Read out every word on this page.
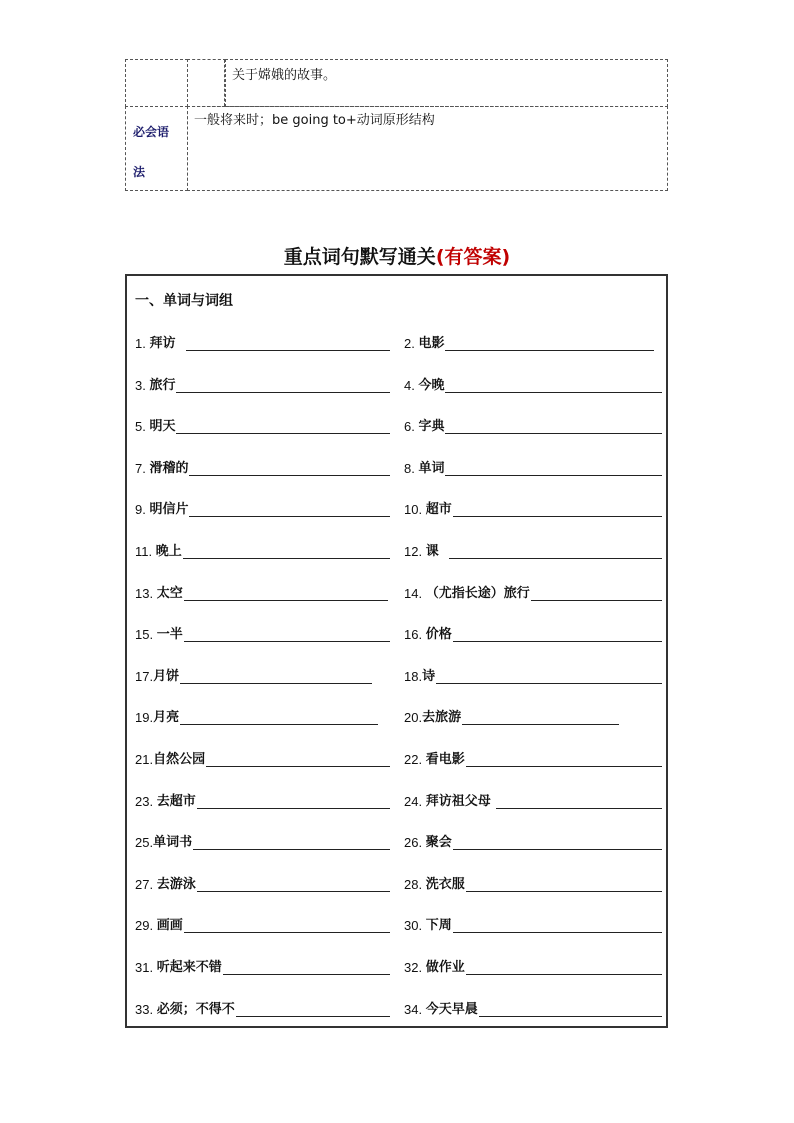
关于嫦娥的故事。
必会语
法
一般将来时；be going to+动词原形结构
重点词句默写通关(有答案)
一、单词与词组
1. 拜访	2. 电影
3. 旅行	4. 今晚
5. 明天	6. 字典
7. 滑稽的	8. 单词
9. 明信片	10. 超市
11. 晚上	12. 课
13. 太空	14. （尤指长途）旅行
15. 一半	16. 价格
17. 月饼	18. 诗
19. 月亮	20. 去旅游
21. 自然公园	22. 看电影
23. 去超市	24. 拜访祖父母
25. 单词书	26. 聚会
27. 去游泳	28. 洗衣服
29. 画画	30. 下周
31. 听起来不错	32. 做作业
33. 必须；不得不	34. 今天早晨
